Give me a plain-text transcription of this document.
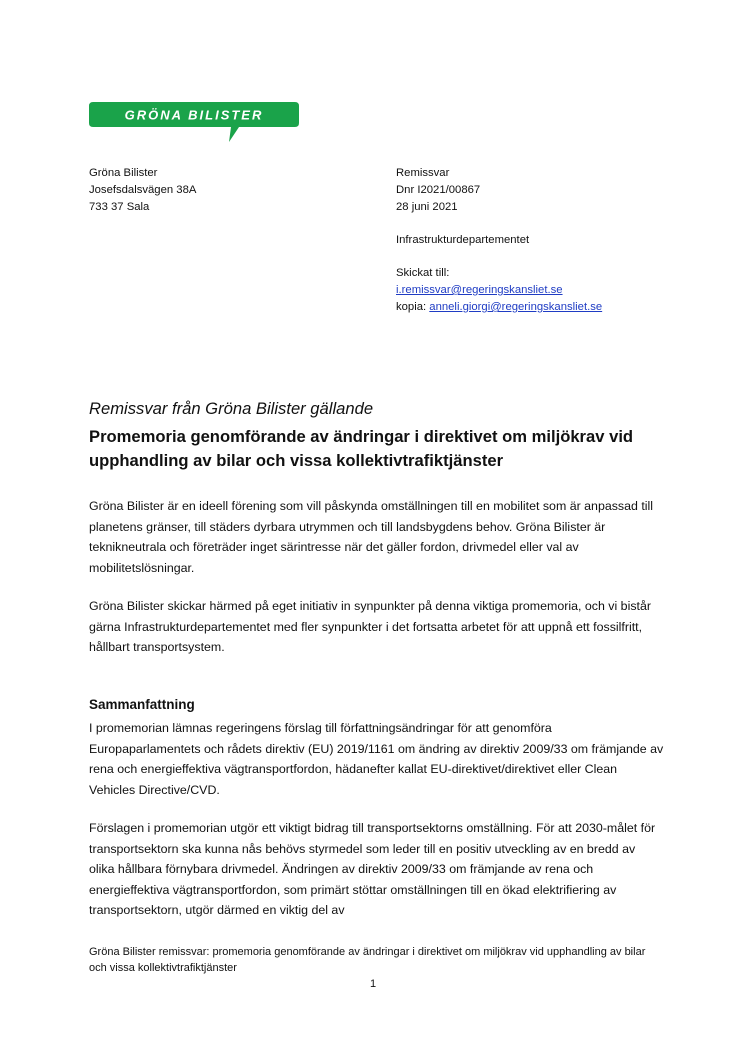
GRÖNA BILISTER
Gröna Bilister
Josefsdalsvägen 38A
733 37 Sala
Remissvar
Dnr I2021/00867
28 juni 2021
Infrastrukturdepartementet
Skickat till:
i.remissvar@regeringskansliet.se
kopia: anneli.giorgi@regeringskansliet.se
Remissvar från Gröna Bilister gällande
Promemoria genomförande av ändringar i direktivet om miljökrav vid upphandling av bilar och vissa kollektivtrafiktjänster

Gröna Bilister är en ideell förening som vill påskynda omställningen till en mobilitet som är anpassad till planetens gränser, till städers dyrbara utrymmen och till landsbygdens behov. Gröna Bilister är teknikneutrala och företräder inget särintresse när det gäller fordon, drivmedel eller val av mobilitetslösningar.

Gröna Bilister skickar härmed på eget initiativ in synpunkter på denna viktiga promemoria, och vi bistår gärna Infrastrukturdepartementet med fler synpunkter i det fortsatta arbetet för att uppnå ett fossilfritt, hållbart transportsystem.

Sammanfattning

I promemorian lämnas regeringens förslag till författningsändringar för att genomföra Europaparlamentets och rådets direktiv (EU) 2019/1161 om ändring av direktiv 2009/33 om främjande av rena och energieffektiva vägtransportfordon, hädanefter kallat EU-direktivet/direktivet eller Clean Vehicles Directive/CVD.

Förslagen i promemorian utgör ett viktigt bidrag till transportsektorns omställning. För att 2030-målet för transportsektorn ska kunna nås behövs styrmedel som leder till en positiv utveckling av en bredd av olika hållbara förnybara drivmedel. Ändringen av direktiv 2009/33 om främjande av rena och energieffektiva vägtransportfordon, som primärt stöttar omställningen till en ökad elektrifiering av transportsektorn, utgör därmed en viktig del av

Gröna Bilister remissvar: promemoria genomförande av ändringar i direktivet om miljökrav vid upphandling av bilar och vissa kollektivtrafiktjänster
1
